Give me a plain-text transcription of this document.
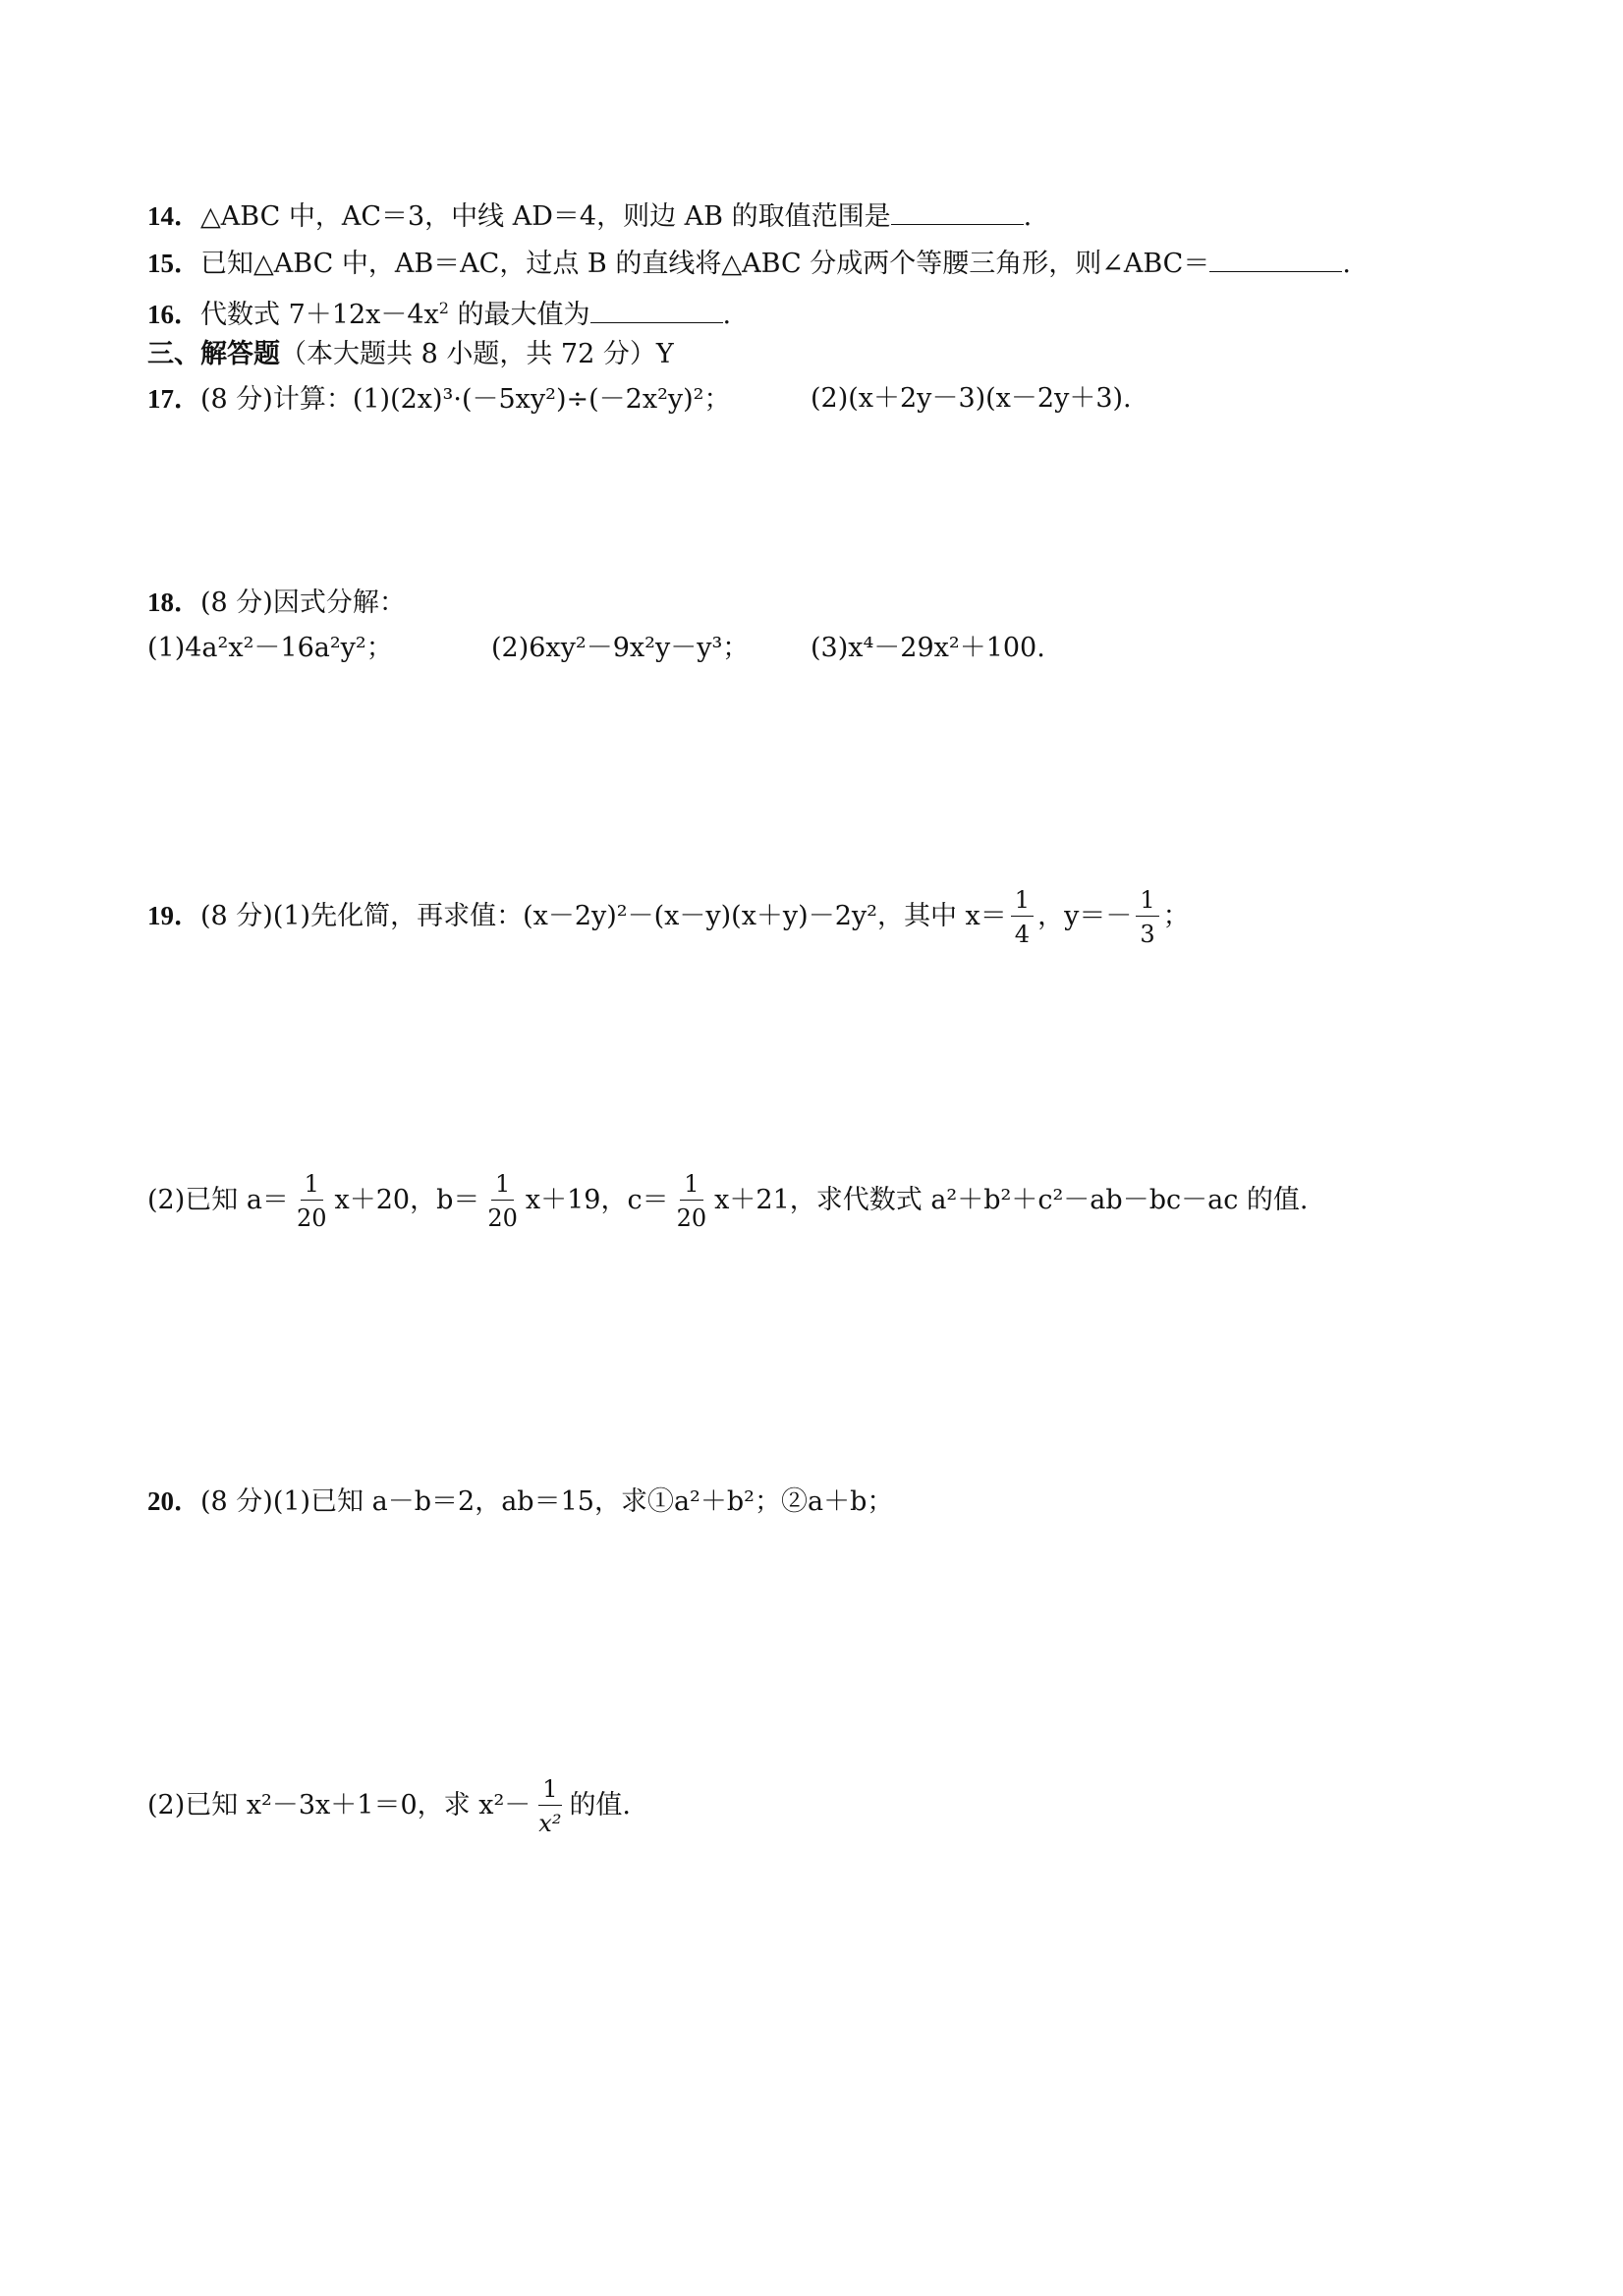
14．△ABC 中，AC＝3，中线 AD＝4，则边 AB 的取值范围是	.
15．已知△ABC 中，AB＝AC，过点 B 的直线将△ABC 分成两个等腰三角形，则∠ABC＝	.
16．代数式 $7+12x-4x^2$ 的最大值为	.
三、解答题（本大题共 8 小题，共 72 分）Y
17．(8 分)计算：(1)(2x)³·(－5xy²)÷(－2x²y)²；	(2)(x＋2y－3)(x－2y＋3).
18．(8 分)因式分解：
(1)4a²x²－16a²y²；	(2)6xy²－9x²y－y³； (3)x⁴－29x²＋100.
19．(8 分)(1)先化简，再求值：(x－2y)²－(x－y)(x＋y)－2y²，其中 $x= \frac{1}{4}$ ，$y=- \frac{1}{3}$ ；
(2)已知 $a= \frac{1}{20} x+20$，$b= \frac{1}{20} x+19$，$c= \frac{1}{20} x+21$，求代数式 a²＋b²＋c²－ab－bc－ac 的值.
20．(8 分)(1)已知 a－b＝2，ab＝15，求①a²＋b²；②a＋b；
(2)已知 x²－3x＋1＝0，求 $x^2- \frac{1}{\text{x²}}$ 的值.
